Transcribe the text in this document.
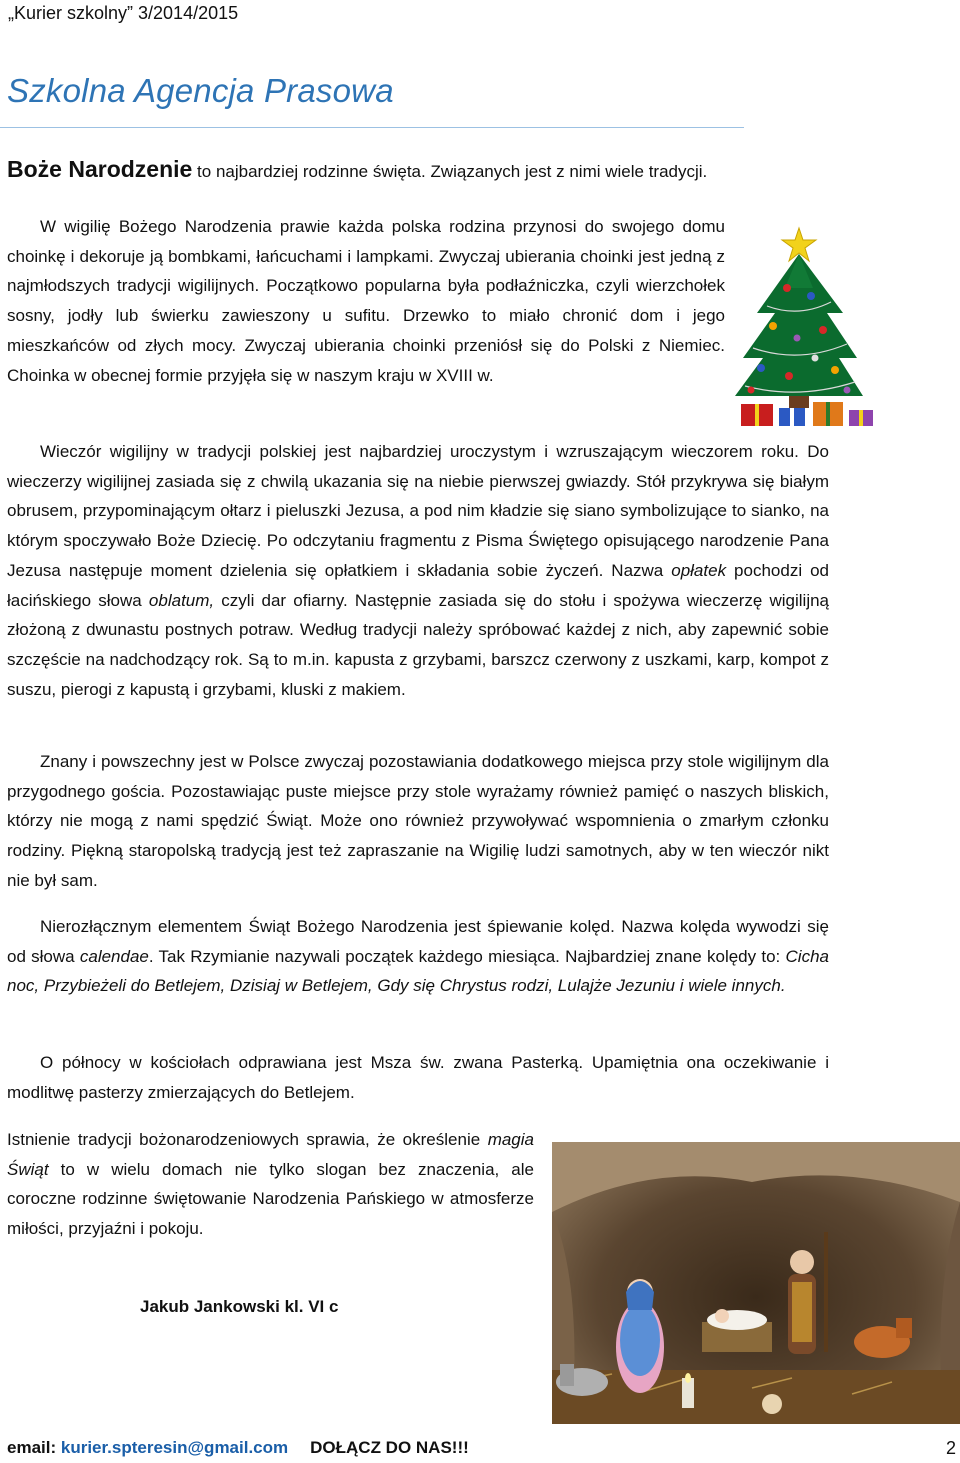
„Kurier szkolny” 3/2014/2015
Szkolna Agencja Prasowa
Boże Narodzenie to najbardziej rodzinne święta. Związanych jest z nimi wiele tradycji.
W wigilię Bożego Narodzenia prawie każda polska rodzina przynosi do swojego domu choinkę i dekoruje ją bombkami, łańcuchami i lampkami. Zwyczaj ubierania choinki jest jedną z najmłodszych tradycji wigilijnych. Początkowo popularna była podłaźniczka, czyli wierzchołek sosny, jodły lub świerku zawieszony u sufitu. Drzewko to miało chronić dom i jego mieszkańców od złych mocy. Zwyczaj ubierania choinki przeniósł się do Polski z Niemiec. Choinka w obecnej formie przyjęła się w naszym kraju w XVIII w.
Wieczór wigilijny w tradycji polskiej jest najbardziej uroczystym i wzruszającym wieczorem roku. Do wieczerzy wigilijnej zasiada się z chwilą ukazania się na niebie pierwszej gwiazdy. Stół przykrywa się białym obrusem, przypominającym ołtarz i pieluszki Jezusa, a pod nim kładzie się siano symbolizujące to sianko, na którym spoczywało Boże Dziecię. Po odczytaniu fragmentu z Pisma Świętego opisującego narodzenie Pana Jezusa następuje moment dzielenia się opłatkiem i składania sobie życzeń. Nazwa opłatek pochodzi od łacińskiego słowa oblatum, czyli dar ofiarny. Następnie zasiada się do stołu i spożywa wieczerzę wigilijną złożoną z dwunastu postnych potraw. Według tradycji należy spróbować każdej z nich, aby zapewnić sobie szczęście na nadchodzący rok. Są to m.in. kapusta z grzybami, barszcz czerwony z uszkami, karp, kompot z suszu, pierogi z kapustą i grzybami, kluski z makiem.
Znany i powszechny jest w Polsce zwyczaj pozostawiania dodatkowego miejsca przy stole wigilijnym dla przygodnego gościa. Pozostawiając puste miejsce przy stole wyrażamy również pamięć o naszych bliskich, którzy nie mogą z nami spędzić Świąt. Może ono również przywoływać wspomnienia o zmarłym członku rodziny. Piękną staropolską tradycją jest też zapraszanie na Wigilię ludzi samotnych, aby w ten wieczór nikt nie był sam.
Nierozłącznym elementem Świąt Bożego Narodzenia jest śpiewanie kolęd. Nazwa kolęda wywodzi się od słowa calendae. Tak Rzymianie nazywali początek każdego miesiąca. Najbardziej znane kolędy to: Cicha noc, Przybieżeli do Betlejem, Dzisiaj w Betlejem, Gdy się Chrystus rodzi, Lulajże Jezuniu i wiele innych.
O północy w kościołach odprawiana jest Msza św. zwana Pasterką. Upamiętnia ona oczekiwanie i modlitwę pasterzy zmierzających do Betlejem.
Istnienie tradycji bożonarodzeniowych sprawia, że określenie magia Świąt to w wielu domach nie tylko slogan bez znaczenia, ale coroczne rodzinne świętowanie Narodzenia Pańskiego w atmosferze miłości, przyjaźni i pokoju.
Jakub Jankowski kl. VI c
email: kurier.spteresin@gmail.com DOŁĄCZ DO NAS!!!	2
